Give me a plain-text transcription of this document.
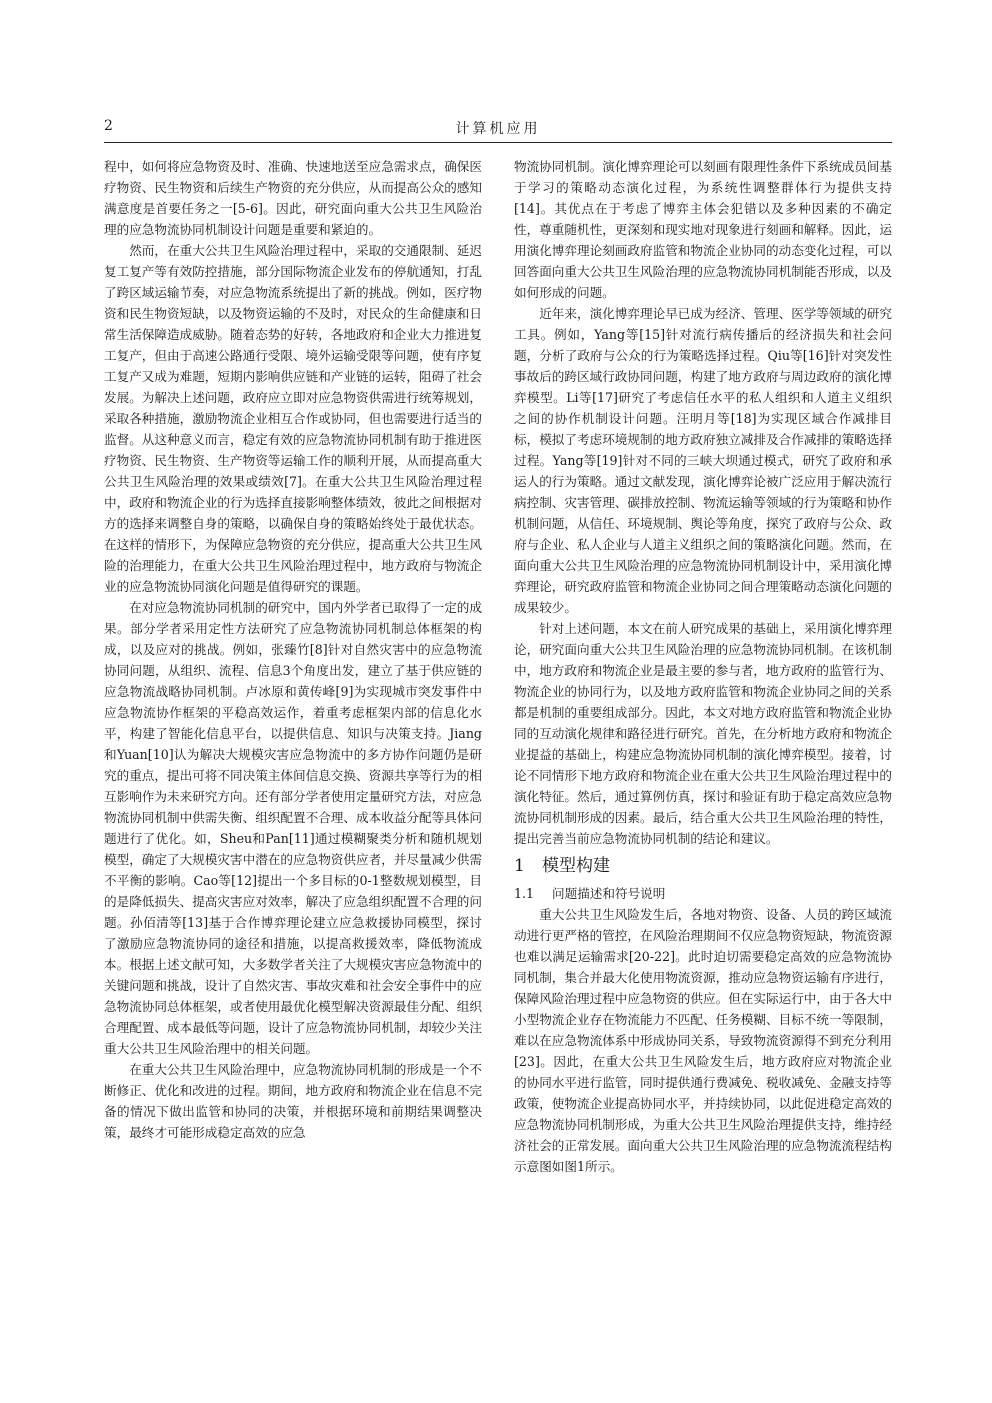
2	计算机应用

程中，如何将应急物资及时、准确、快速地送至应急需求点，确保医疗物资、民生物资和后续生产物资的充分供应，从而提高公众的感知满意度是首要任务之一[5-6]。因此，研究面向重大公共卫生风险治理的应急物流协同机制设计问题是重要和紧迫的。

然而，在重大公共卫生风险治理过程中，采取的交通限制、延迟复工复产等有效防控措施，部分国际物流企业发布的停航通知，打乱了跨区域运输节奏，对应急物流系统提出了新的挑战。例如，医疗物资和民生物资短缺，以及物资运输的不及时，对民众的生命健康和日常生活保障造成威胁。随着态势的好转，各地政府和企业大力推进复工复产，但由于高速公路通行受限、境外运输受限等问题，使有序复工复产又成为难题，短期内影响供应链和产业链的运转，阻碍了社会发展。为解决上述问题，政府应立即对应急物资供需进行统筹规划，采取各种措施，激励物流企业相互合作或协同，但也需要进行适当的监督。从这种意义而言，稳定有效的应急物流协同机制有助于推进医疗物资、民生物资、生产物资等运输工作的顺利开展，从而提高重大公共卫生风险治理的效果或绩效[7]。在重大公共卫生风险治理过程中，政府和物流企业的行为选择直接影响整体绩效，彼此之间根据对方的选择来调整自身的策略，以确保自身的策略始终处于最优状态。在这样的情形下，为保障应急物资的充分供应，提高重大公共卫生风险的治理能力，在重大公共卫生风险治理过程中，地方政府与物流企业的应急物流协同演化问题是值得研究的课题。

在对应急物流协同机制的研究中，国内外学者已取得了一定的成果。部分学者采用定性方法研究了应急物流协同机制总体框架的构成，以及应对的挑战。例如，张臻竹[8]针对自然灾害中的应急物流协同问题，从组织、流程、信息3个角度出发，建立了基于供应链的应急物流战略协同机制。卢冰原和黄传峰[9]为实现城市突发事件中应急物流协作框架的平稳高效运作，着重考虑框架内部的信息化水平，构建了智能化信息平台，以提供信息、知识与决策支持。Jiang和Yuan[10]认为解决大规模灾害应急物流中的多方协作问题仍是研究的重点，提出可将不同决策主体间信息交换、资源共享等行为的相互影响作为未来研究方向。还有部分学者使用定量研究方法，对应急物流协同机制中供需失衡、组织配置不合理、成本收益分配等具体问题进行了优化。如，Sheu和Pan[11]通过模糊聚类分析和随机规划模型，确定了大规模灾害中潜在的应急物资供应者，并尽量减少供需不平衡的影响。Cao等[12]提出一个多目标的0-1整数规划模型，目的是降低损失、提高灾害应对效率，解决了应急组织配置不合理的问题。孙佰清等[13]基于合作博弈理论建立应急救援协同模型，探讨了激励应急物流协同的途径和措施，以提高救援效率，降低物流成本。根据上述文献可知，大多数学者关注了大规模灾害应急物流中的关键问题和挑战，设计了自然灾害、事故灾难和社会安全事件中的应急物流协同总体框架，或者使用最优化模型解决资源最佳分配、组织合理配置、成本最低等问题，设计了应急物流协同机制，却较少关注重大公共卫生风险治理中的相关问题。

在重大公共卫生风险治理中，应急物流协同机制的形成是一个不断修正、优化和改进的过程。期间，地方政府和物流企业在信息不完备的情况下做出监管和协同的决策，并根据环境和前期结果调整决策，最终才可能形成稳定高效的应急

物流协同机制。演化博弈理论可以刻画有限理性条件下系统成员间基于学习的策略动态演化过程，为系统性调整群体行为提供支持[14]。其优点在于考虑了博弈主体会犯错以及多种因素的不确定性，尊重随机性，更深刻和现实地对现象进行刻画和解释。因此，运用演化博弈理论刻画政府监管和物流企业协同的动态变化过程，可以回答面向重大公共卫生风险治理的应急物流协同机制能否形成，以及如何形成的问题。

近年来，演化博弈理论早已成为经济、管理、医学等领域的研究工具。例如，Yang等[15]针对流行病传播后的经济损失和社会问题，分析了政府与公众的行为策略选择过程。Qiu等[16]针对突发性事故后的跨区域行政协同问题，构建了地方政府与周边政府的演化博弈模型。Li等[17]研究了考虑信任水平的私人组织和人道主义组织之间的协作机制设计问题。汪明月等[18]为实现区域合作减排目标，模拟了考虑环境规制的地方政府独立减排及合作减排的策略选择过程。Yang等[19]针对不同的三峡大坝通过模式，研究了政府和承运人的行为策略。通过文献发现，演化博弈论被广泛应用于解决流行病控制、灾害管理、碳排放控制、物流运输等领域的行为策略和协作机制问题，从信任、环境规制、舆论等角度，探究了政府与公众、政府与企业、私人企业与人道主义组织之间的策略演化问题。然而，在面向重大公共卫生风险治理的应急物流协同机制设计中，采用演化博弈理论，研究政府监管和物流企业协同之间合理策略动态演化问题的成果较少。

针对上述问题，本文在前人研究成果的基础上，采用演化博弈理论，研究面向重大公共卫生风险治理的应急物流协同机制。在该机制中，地方政府和物流企业是最主要的参与者，地方政府的监管行为、物流企业的协同行为，以及地方政府监管和物流企业协同之间的关系都是机制的重要组成部分。因此，本文对地方政府监管和物流企业协同的互动演化规律和路径进行研究。首先，在分析地方政府和物流企业提益的基础上，构建应急物流协同机制的演化博弈模型。接着，讨论不同情形下地方政府和物流企业在重大公共卫生风险治理过程中的演化特征。然后，通过算例仿真，探讨和验证有助于稳定高效应急物流协同机制形成的因素。最后，结合重大公共卫生风险治理的特性，提出完善当前应急物流协同机制的结论和建议。

1 模型构建
1.1 问题描述和符号说明

重大公共卫生风险发生后，各地对物资、设备、人员的跨区域流动进行更严格的管控，在风险治理期间不仅应急物资短缺，物流资源也难以满足运输需求[20-22]。此时迫切需要稳定高效的应急物流协同机制，集合并最大化使用物流资源，推动应急物资运输有序进行，保障风险治理过程中应急物资的供应。但在实际运行中，由于各大中小型物流企业存在物流能力不匹配、任务模糊、目标不统一等限制，难以在应急物流体系中形成协同关系，导致物流资源得不到充分利用[23]。因此，在重大公共卫生风险发生后，地方政府应对物流企业的协同水平进行监管，同时提供通行费减免、税收减免、金融支持等政策，使物流企业提高协同水平，并持续协同，以此促进稳定高效的应急物流协同机制形成，为重大公共卫生风险治理提供支持，维持经济社会的正常发展。面向重大公共卫生风险治理的应急物流流程结构示意图如图1所示。
